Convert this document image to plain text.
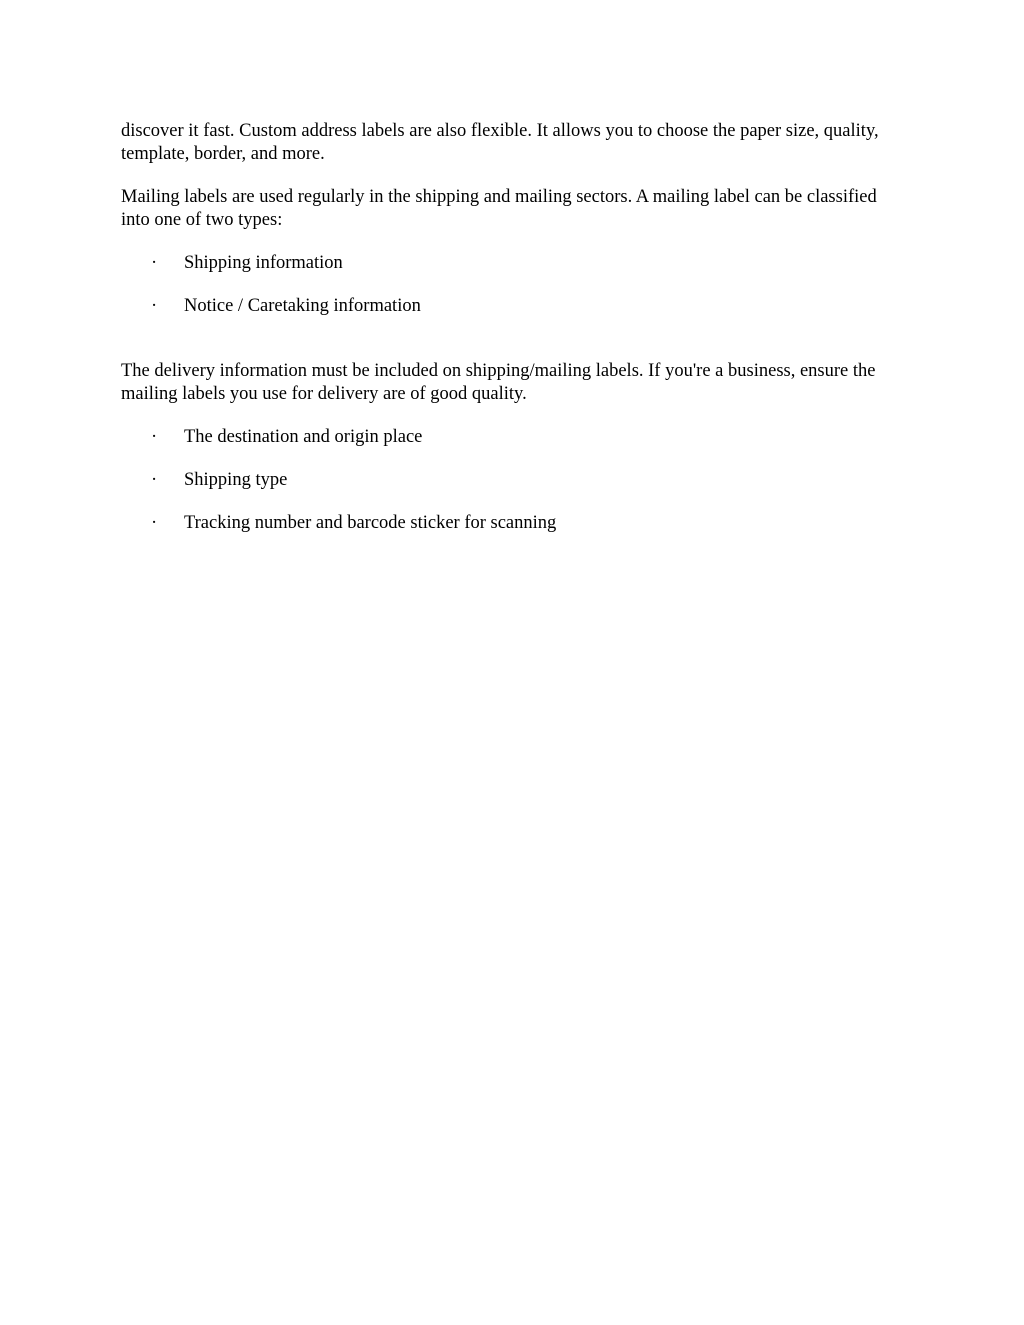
discover it fast. Custom address labels are also flexible. It allows you to choose the paper size, quality, template, border, and more.

Mailing labels are used regularly in the shipping and mailing sectors. A mailing label can be classified into one of two types:

· Shipping information
· Notice / Caretaking information

The delivery information must be included on shipping/mailing labels. If you're a business, ensure the mailing labels you use for delivery are of good quality.

· The destination and origin place
· Shipping type
· Tracking number and barcode sticker for scanning
